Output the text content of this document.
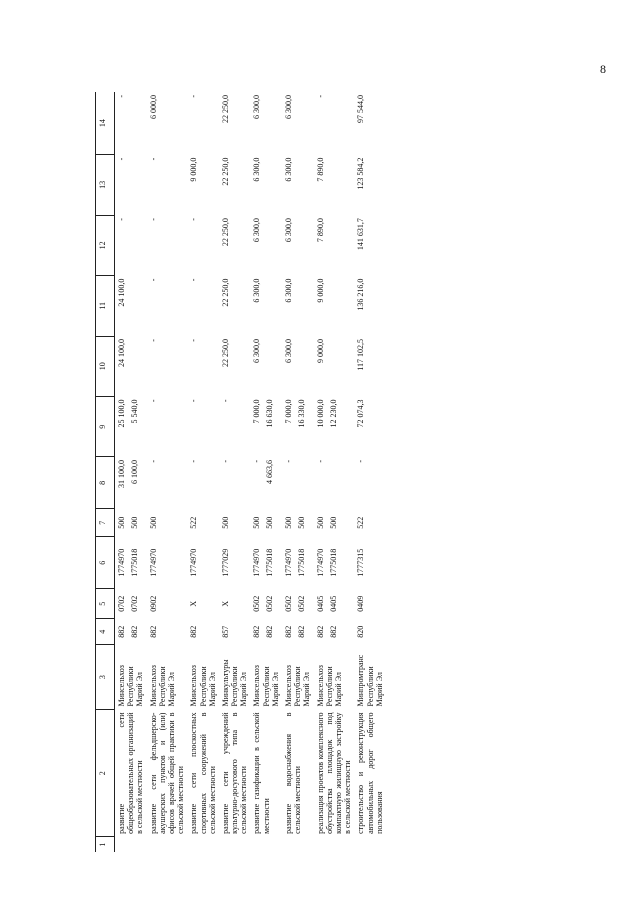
8
1	2	3	4	5	6	7	8	9	10	11	12	13	14
	развитие сети общеобразовательных организаций в сельской местности	Минсельхоз Республики Марий Эл	882 882	0702 0702	1774970 1775018	500 500	31 100,0 6 100,0	25 100,0 5 540,0	24 100,0	24 100,0	-	-	-

	развитие сети фельдшерско-акушерских пунктов и (или) офисов врачей общей практики в сельской местности	Минсельхоз Республики Марий Эл	882	0902	1774970	500	-	-	-	-	-	-	6 000,0

	развитие сети плоскостных спортивных сооружений в сельской местности	Минсельхоз Республики Марий Эл	882	X	1774970	522	-	-	-	-	-	9 000,0	-

	развитие сети учреждений культурно-досугового типа в сельской местности	Минкультуры Республики Марий Эл	857	X	1777029	500	-	-	22 250,0	22 250,0	22 250,0	22 250,0	22 250,0

	развитие газификации в сельской местности	Минсельхоз Республики Марий Эл	882 882	0502 0502	1774970 1775018	500 500	- 4 663,6	7 000,0 16 630,0	6 300,0	6 300,0	6 300,0	6 300,0	6 300,0

	развитие водоснабжения в сельской местности	Минсельхоз Республики Марий Эл	882 882	0502 0502	1774970 1775018	500 500	-	7 000,0 16 330,0	6 300,0	6 300,0	6 300,0	6 300,0	6 300,0

	реализация проектов комплексного обустройства площадок под компактную жилищную застройку в сельской местности	Минсельхоз Республики Марий Эл	882 882	0405 0405	1774970 1775018	500 500	-	10 000,0 12 230,0	9 000,0	9 000,0	7 890,0	7 890,0	-

	строительство и реконструкция автомобильных дорог общего пользования	Минпромтранс Республики Марий Эл	820	0409	1777315	522	-	72 074,3	117 102,5	136 216,0	141 631,7	123 584,2	97 544,0
